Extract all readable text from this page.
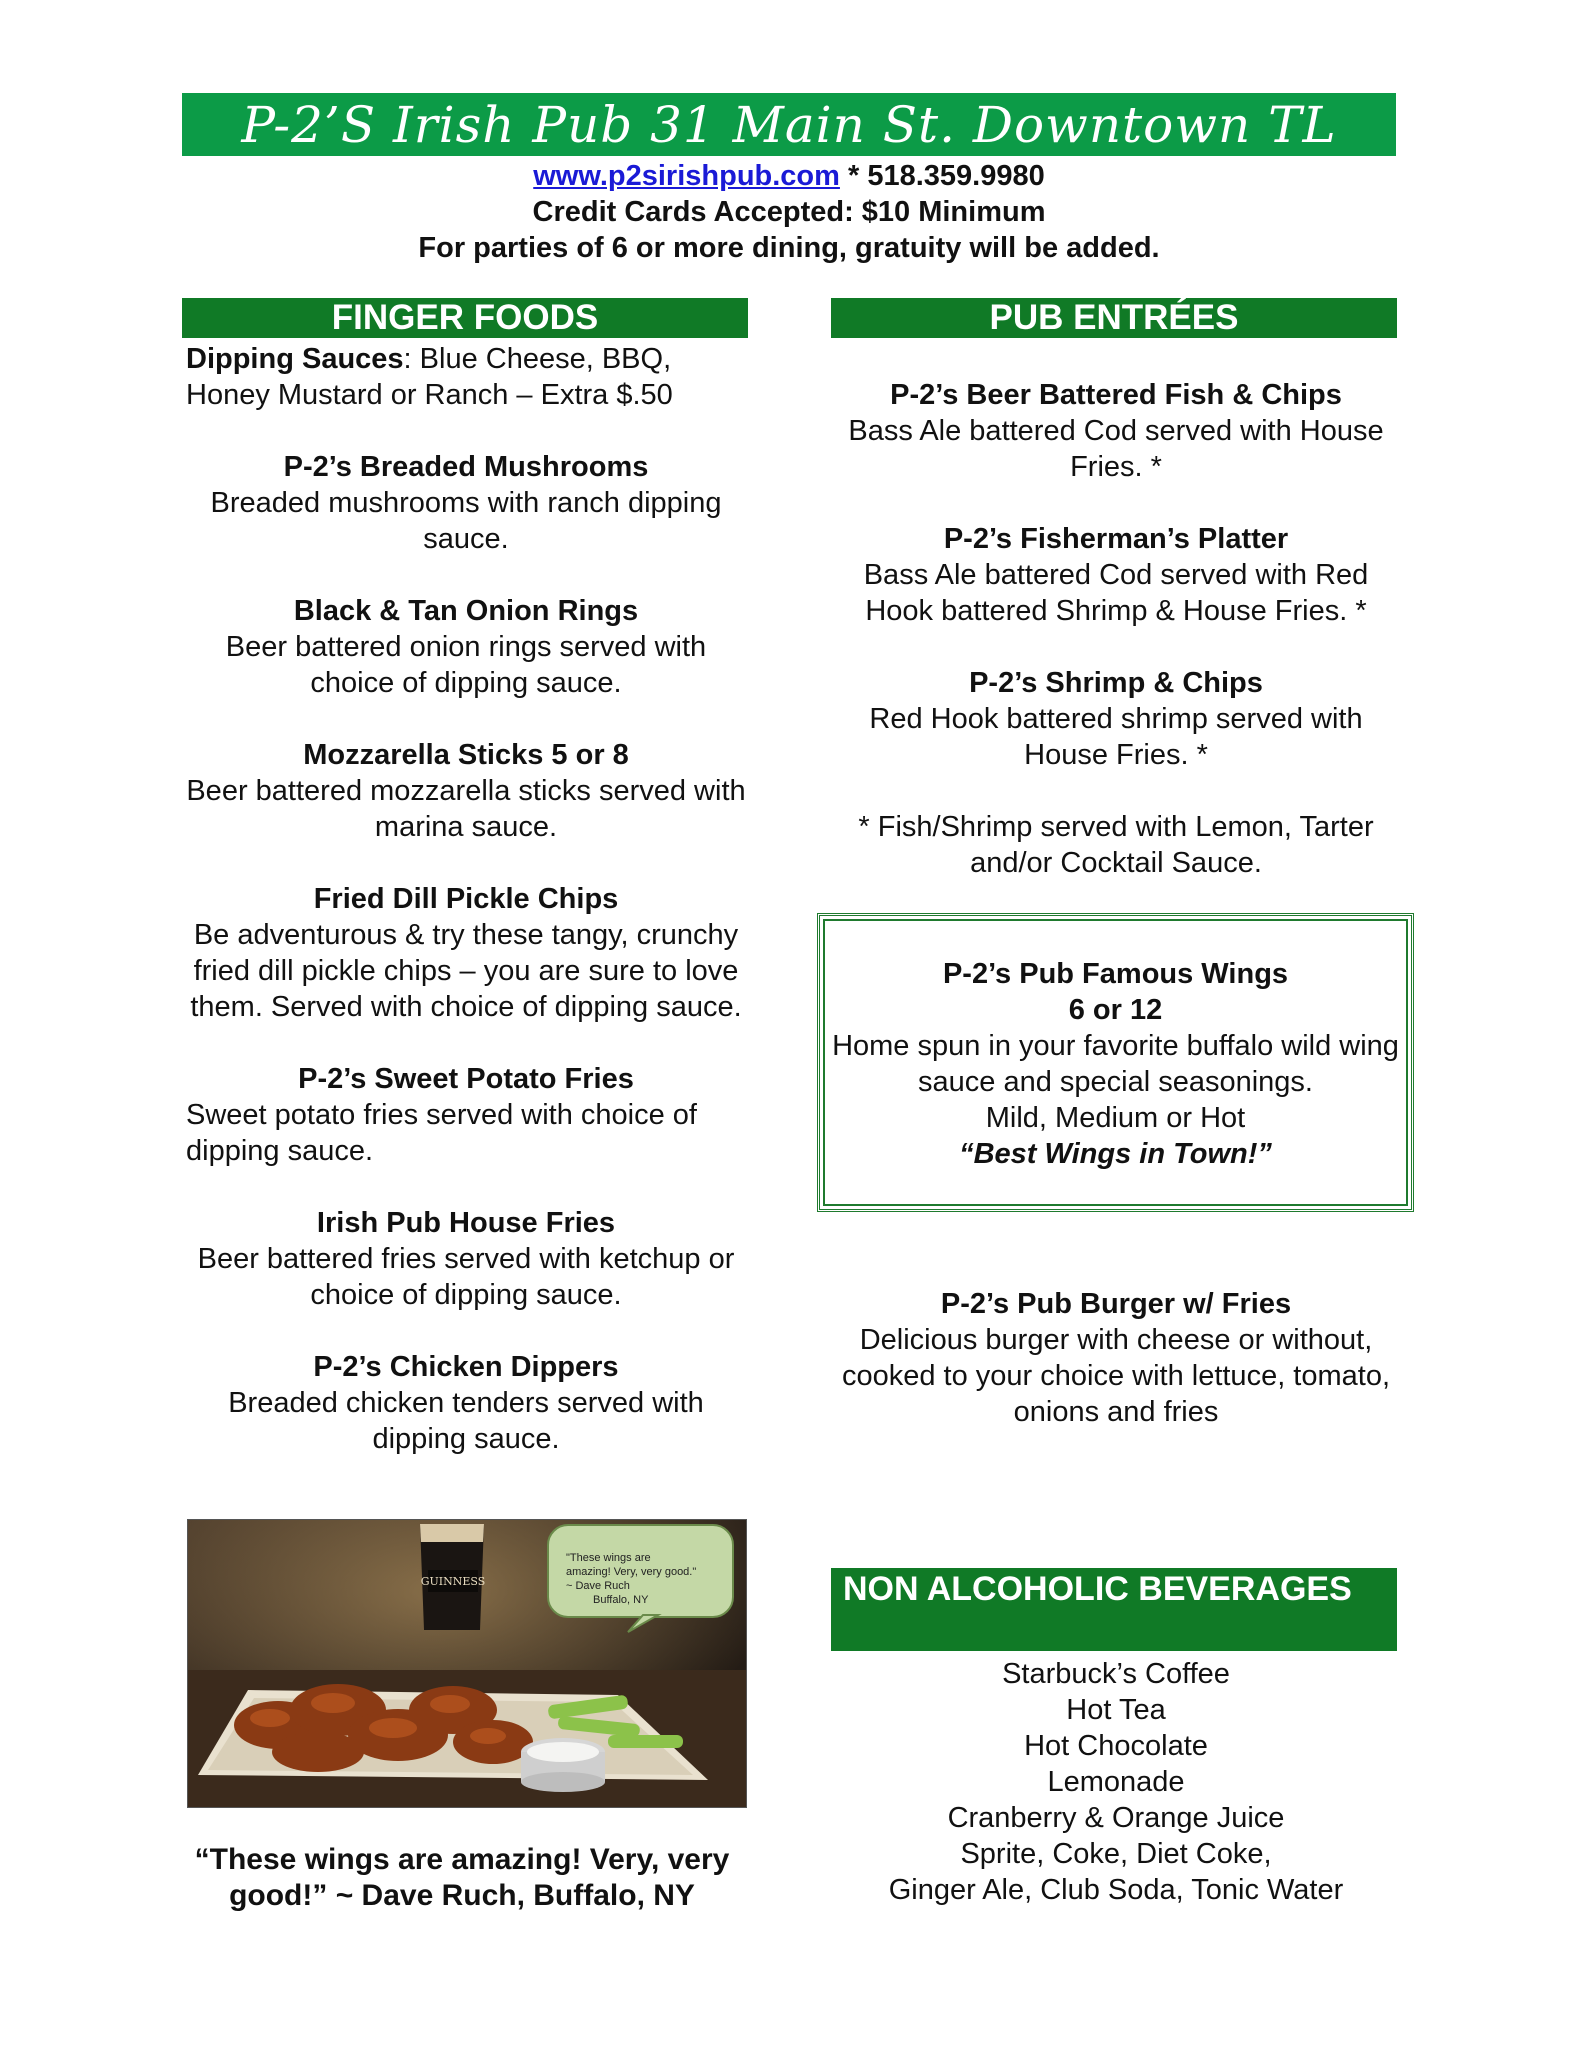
P-2’S Irish Pub 31 Main St. Downtown TL
www.p2sirishpub.com * 518.359.9980
Credit Cards Accepted: $10 Minimum
For parties of 6 or more dining, gratuity will be added.
FINGER FOODS
Dipping Sauces: Blue Cheese, BBQ, Honey Mustard or Ranch – Extra $.50
P-2’s Breaded Mushrooms
Breaded mushrooms with ranch dipping sauce.
Black & Tan Onion Rings
Beer battered onion rings served with choice of dipping sauce.
Mozzarella Sticks 5 or 8
Beer battered mozzarella sticks served with marina sauce.
Fried Dill Pickle Chips
Be adventurous & try these tangy, crunchy fried dill pickle chips – you are sure to love them. Served with choice of dipping sauce.
P-2’s Sweet Potato Fries
Sweet potato fries served with choice of dipping sauce.
Irish Pub House Fries
Beer battered fries served with ketchup or choice of dipping sauce.
P-2’s Chicken Dippers
Breaded chicken tenders served with dipping sauce.
GUINNESS
"These wings are
amazing! Very, very good."
~ Dave Ruch
Buffalo, NY
“These wings are amazing! Very, very good!” ~ Dave Ruch, Buffalo, NY
PUB ENTRÉES
P-2’s Beer Battered Fish & Chips
Bass Ale battered Cod served with House Fries. *
P-2’s Fisherman’s Platter
Bass Ale battered Cod served with Red Hook battered Shrimp & House Fries. *
P-2’s Shrimp & Chips
Red Hook battered shrimp served with House Fries. *
* Fish/Shrimp served with Lemon, Tarter and/or Cocktail Sauce.
P-2’s Pub Famous Wings
6 or 12
Home spun in your favorite buffalo wild wing sauce and special seasonings.
Mild, Medium or Hot
“Best Wings in Town!”
P-2’s Pub Burger w/ Fries
Delicious burger with cheese or without, cooked to your choice with lettuce, tomato, onions and fries
NON ALCOHOLIC BEVERAGES
Starbuck’s Coffee
Hot Tea
Hot Chocolate
Lemonade
Cranberry & Orange Juice
Sprite, Coke, Diet Coke,
Ginger Ale, Club Soda, Tonic Water
